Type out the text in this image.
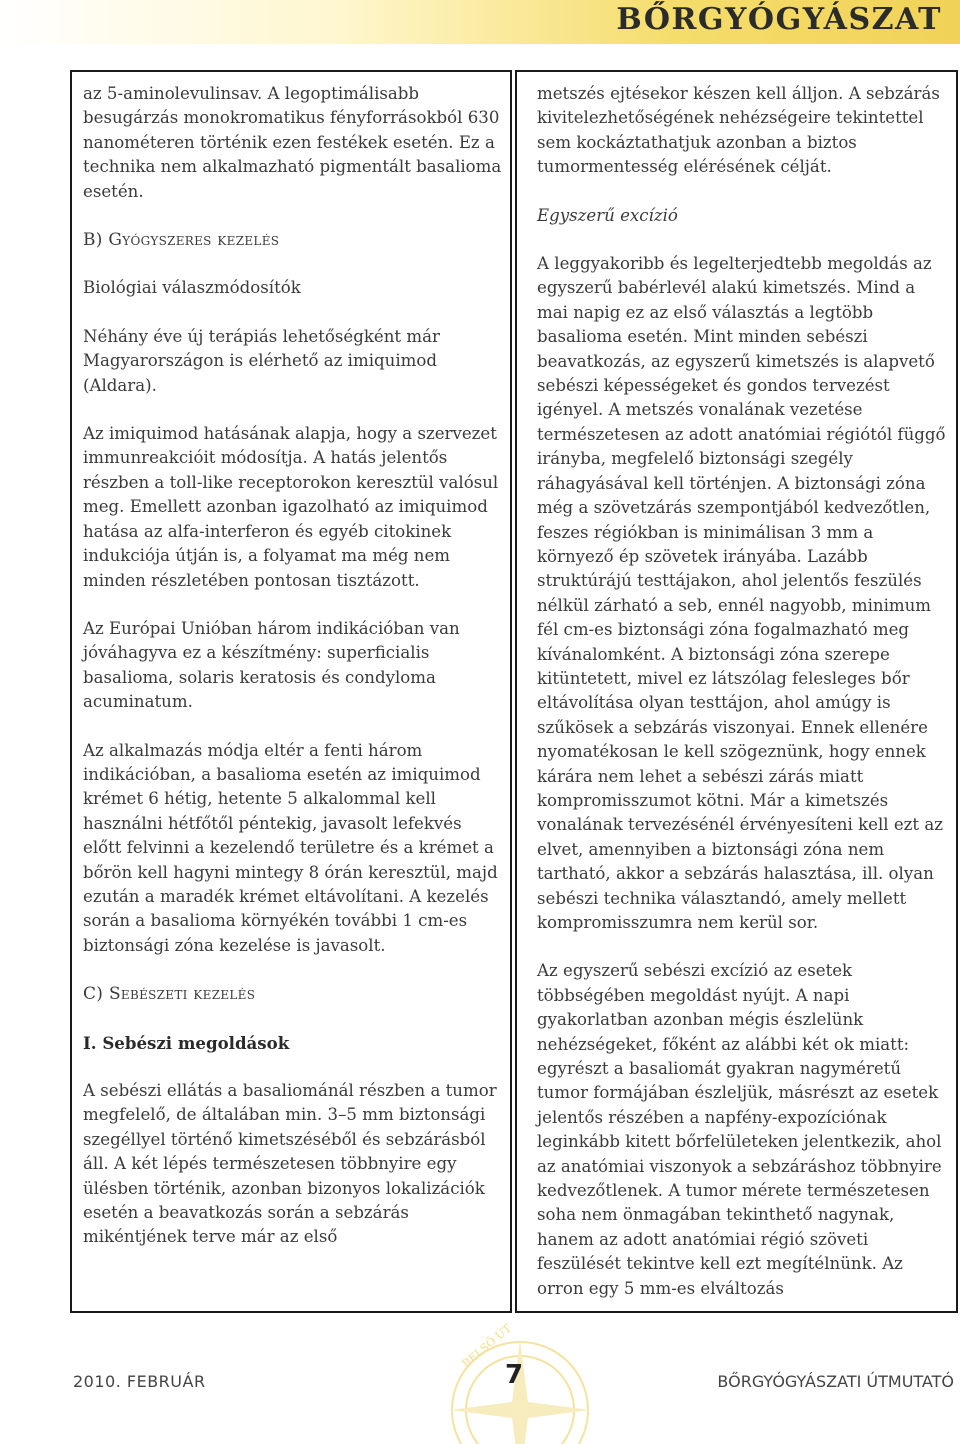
BŐRGYÓGYÁSZAT

az 5-aminolevulinsav. A legoptimálisabb besugárzás monokromatikus fényforrásokból 630 nanométeren történik ezen festékek esetén. Ez a technika nem alkalmazható pigmentált basalioma esetén.

B) Gyógyszeres kezelés
Biológiai válaszmódosítók

Néhány éve új terápiás lehetőségként már Magyarországon is elérhető az imiquimod (Aldara).

Az imiquimod hatásának alapja, hogy a szervezet immunreakcióit módosítja. A hatás jelentős részben a toll-like receptorokon keresztül valósul meg. Emellett azonban igazolható az imiquimod hatása az alfa-interferon és egyéb citokinek indukciója útján is, a folyamat ma még nem minden részletében pontosan tisztázott.

Az Európai Unióban három indikációban van jóváhagyva ez a készítmény: superficialis basalioma, solaris keratosis és condyloma acuminatum.

Az alkalmazás módja eltér a fenti három indikációban, a basalioma esetén az imiquimod krémet 6 hétig, hetente 5 alkalommal kell használni hétfőtől péntekig, javasolt lefekvés előtt felvinni a kezelendő területre és a krémet a bőrön kell hagyni mintegy 8 órán keresztül, majd ezután a maradék krémet eltávolítani. A kezelés során a basalioma környékén további 1 cm-es biztonsági zóna kezelése is javasolt.

C) Sebészeti kezelés
I. Sebészi megoldások

A sebészi ellátás a basaliománál részben a tumor megfelelő, de általában min. 3–5 mm biztonsági szegéllyel történő kimetszéséből és sebzárásból áll. A két lépés természetesen többnyire egy ülésben történik, azonban bizonyos lokalizációk esetén a beavatkozás során a sebzárás mikéntjének terve már az első

metszés ejtésekor készen kell álljon. A sebzárás kivitelezhetőségének nehézségeire tekintettel sem kockáztathatjuk azonban a biztos tumormentesség elérésének célját.

Egyszerű excízió

A leggyakoribb és legelterjedtebb megoldás az egyszerű babérlevél alakú kimetszés. Mind a mai napig ez az első választás a legtöbb basalioma esetén. Mint minden sebészi beavatkozás, az egyszerű kimetszés is alapvető sebészi képességeket és gondos tervezést igényel. A metszés vonalának vezetése természetesen az adott anatómiai régiótól függő irányba, megfelelő biztonsági szegély ráhagyásával kell történjen. A biztonsági zóna még a szövetzárás szempontjából kedvezőtlen, feszes régiókban is minimálisan 3 mm a környező ép szövetek irányába. Lazább struktúrájú testtájakon, ahol jelentős feszülés nélkül zárható a seb, ennél nagyobb, minimum fél cm-es biztonsági zóna fogalmazható meg kívánalomként. A biztonsági zóna szerepe kitüntetett, mivel ez látszólag felesleges bőr eltávolítása olyan testtájon, ahol amúgy is szűkösek a sebzárás viszonyai. Ennek ellenére nyomatékosan le kell szögeznünk, hogy ennek kárára nem lehet a sebészi zárás miatt kompromisszumot kötni. Már a kimetszés vonalának tervezésénél érvényesíteni kell ezt az elvet, amennyiben a biztonsági zóna nem tartható, akkor a sebzárás halasztása, ill. olyan sebészi technika választandó, amely mellett kompromisszumra nem kerül sor.

Az egyszerű sebészi excízió az esetek többségében megoldást nyújt. A napi gyakorlatban azonban mégis észlelünk nehézségeket, főként az alábbi két ok miatt: egyrészt a basaliomát gyakran nagyméretű tumor formájában észleljük, másrészt az esetek jelentős részében a napfény-expozíciónak leginkább kitett bőrfelületeken jelentkezik, ahol az anatómiai viszonyok a sebzáráshoz többnyire kedvezőtlenek. A tumor mérete természetesen soha nem önmagában tekinthető nagynak, hanem az adott anatómiai régió szöveti feszülését tekintve kell ezt megítélnünk. Az orron egy 5 mm-es elváltozás

BELSŐ ÚT
2010. FEBRUÁR	7	BŐRGYÓGYÁSZATI ÚTMUTATÓ
